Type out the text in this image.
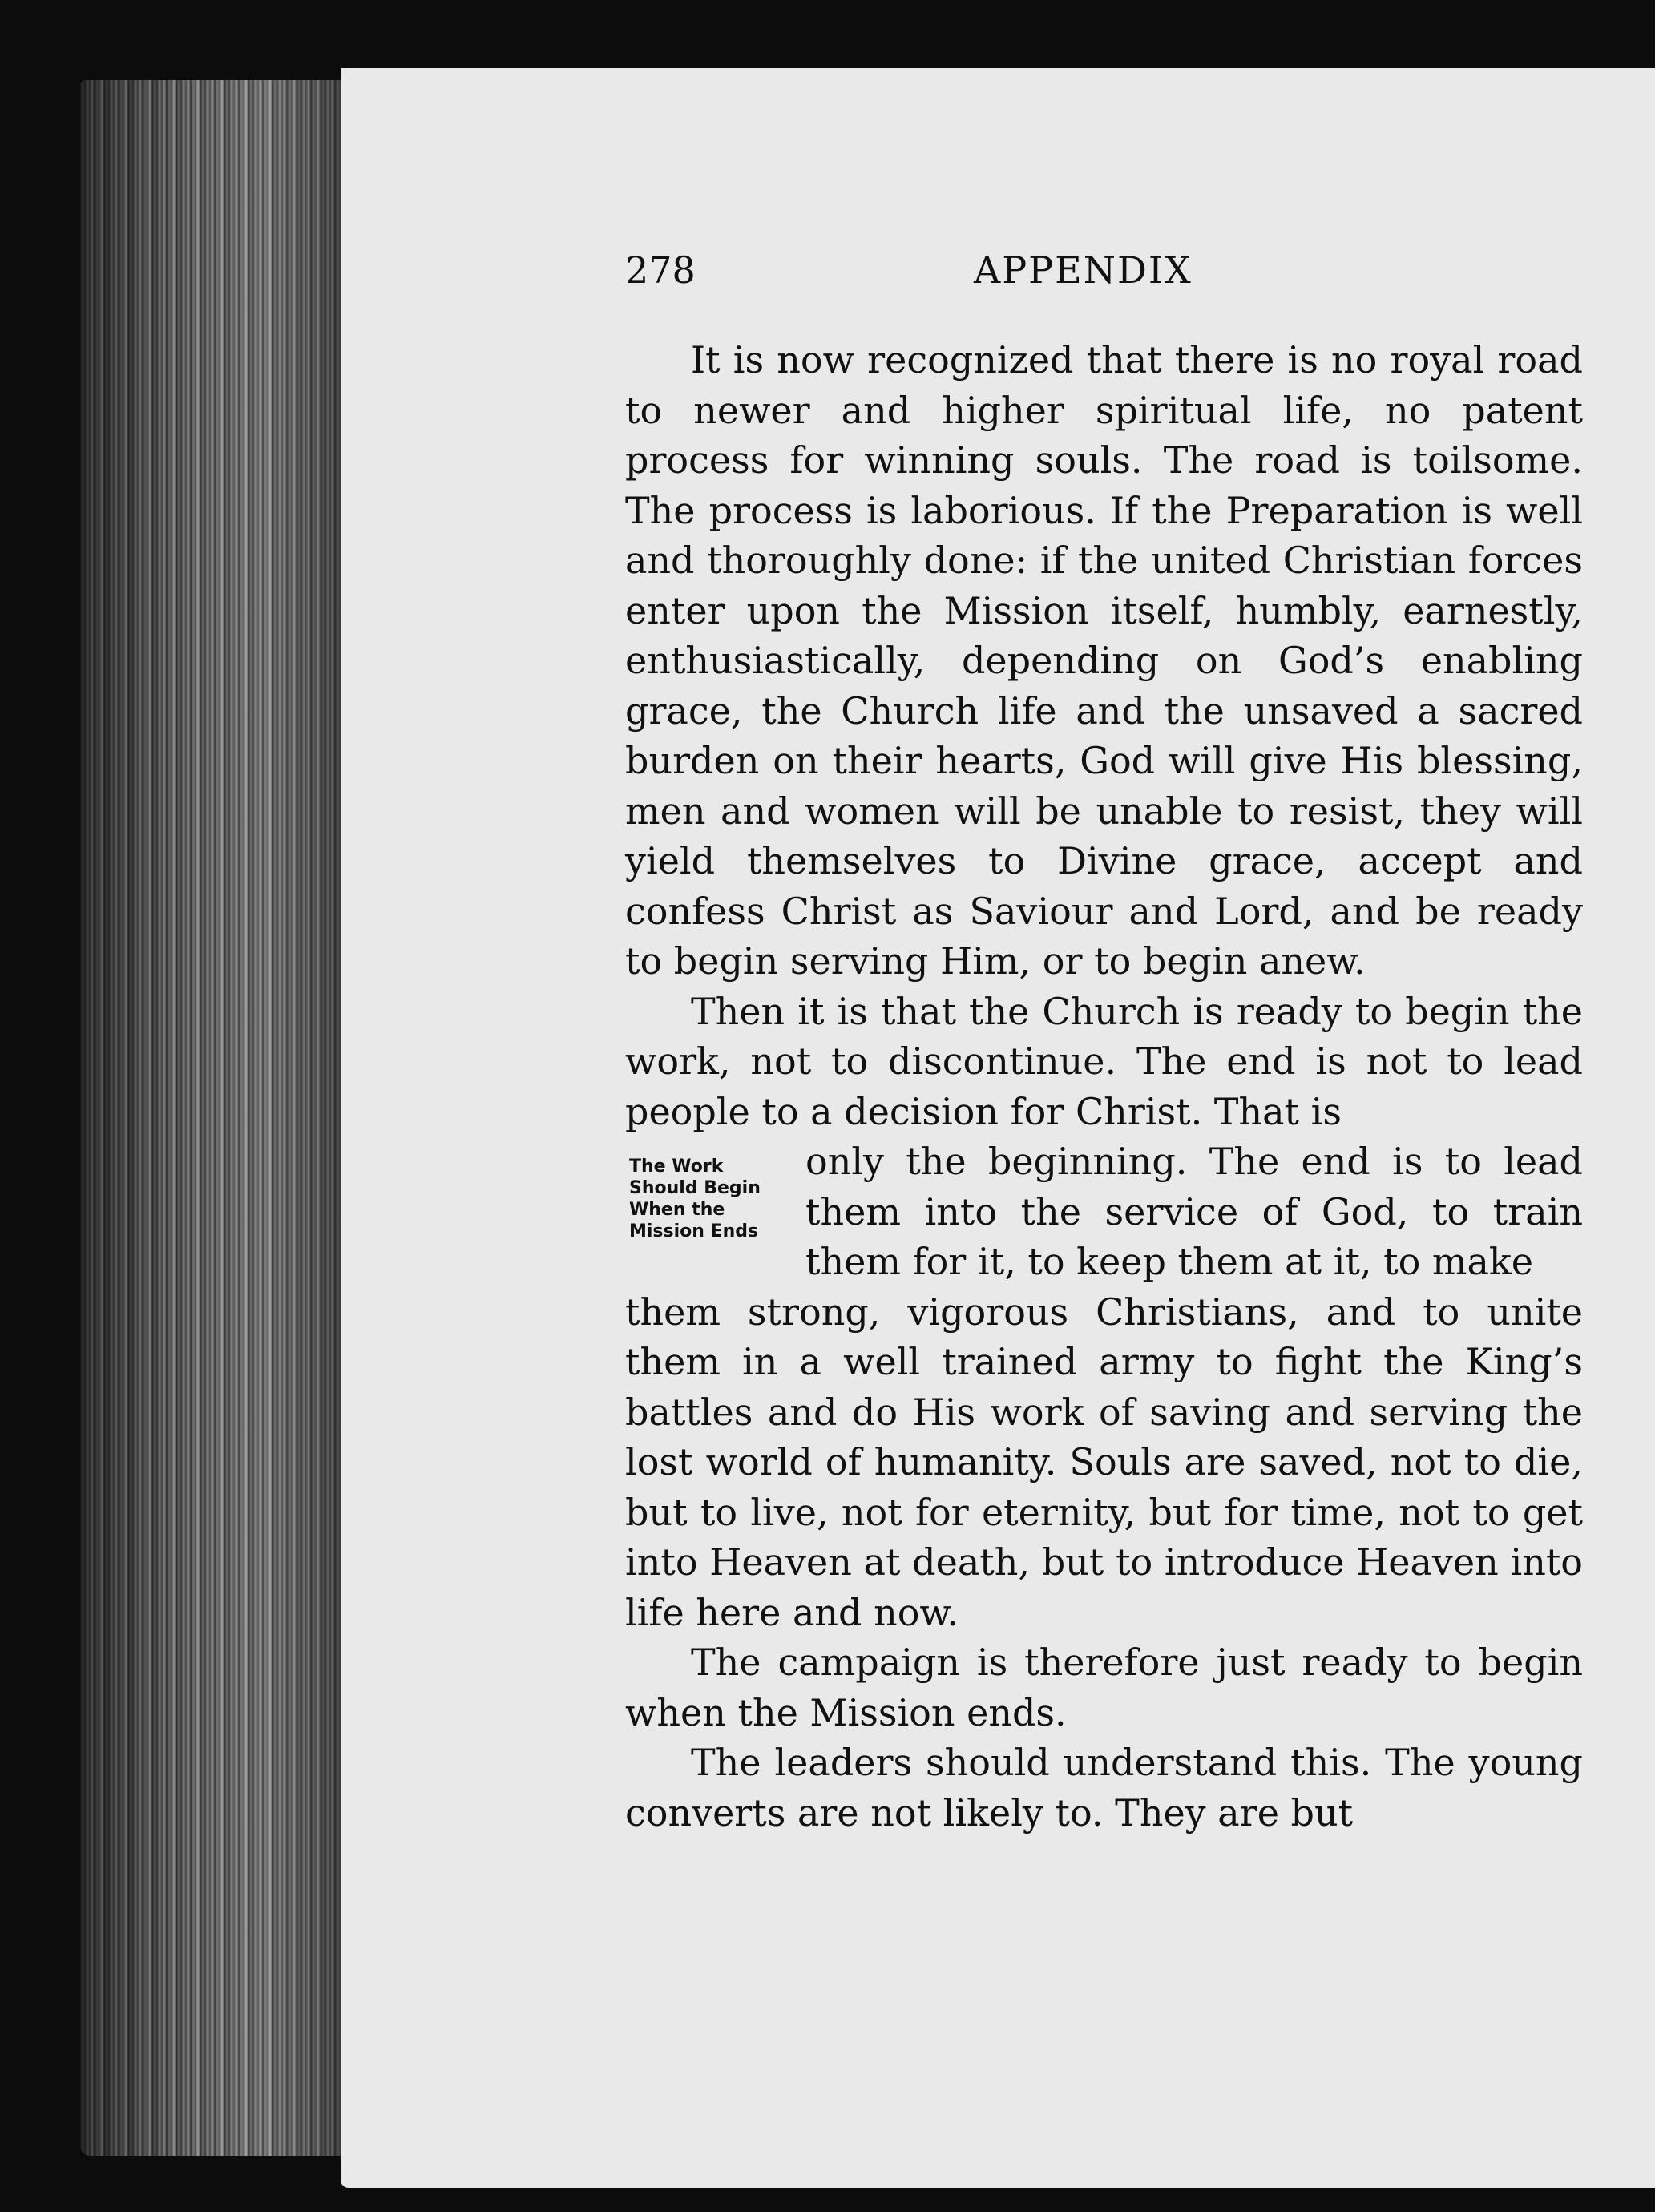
278	APPENDIX
The Work
Should Begin
When the
Mission Ends

It is now recognized that there is no royal road to newer and higher spiritual life, no patent process for winning souls. The road is toilsome. The process is laborious. If the Preparation is well and thoroughly done: if the united Christian forces enter upon the Mission itself, humbly, earnestly, enthusiastically, depending on God’s enabling grace, the Church life and the unsaved a sacred burden on their hearts, God will give His blessing, men and women will be unable to resist, they will yield themselves to Divine grace, accept and confess Christ as Saviour and Lord, and be ready to begin serving Him, or to begin anew.

Then it is that the Church is ready to begin the work, not to discontinue. The end is not to lead people to a decision for Christ. That is

only the beginning. The end is to lead them into the service of God, to train them for it, to keep them at it, to make

them strong, vigorous Christians, and to unite them in a well trained army to fight the King’s battles and do His work of saving and serving the lost world of humanity. Souls are saved, not to die, but to live, not for eternity, but for time, not to get into Heaven at death, but to introduce Heaven into life here and now.

The campaign is therefore just ready to begin when the Mission ends.

The leaders should understand this. The young converts are not likely to. They are but
